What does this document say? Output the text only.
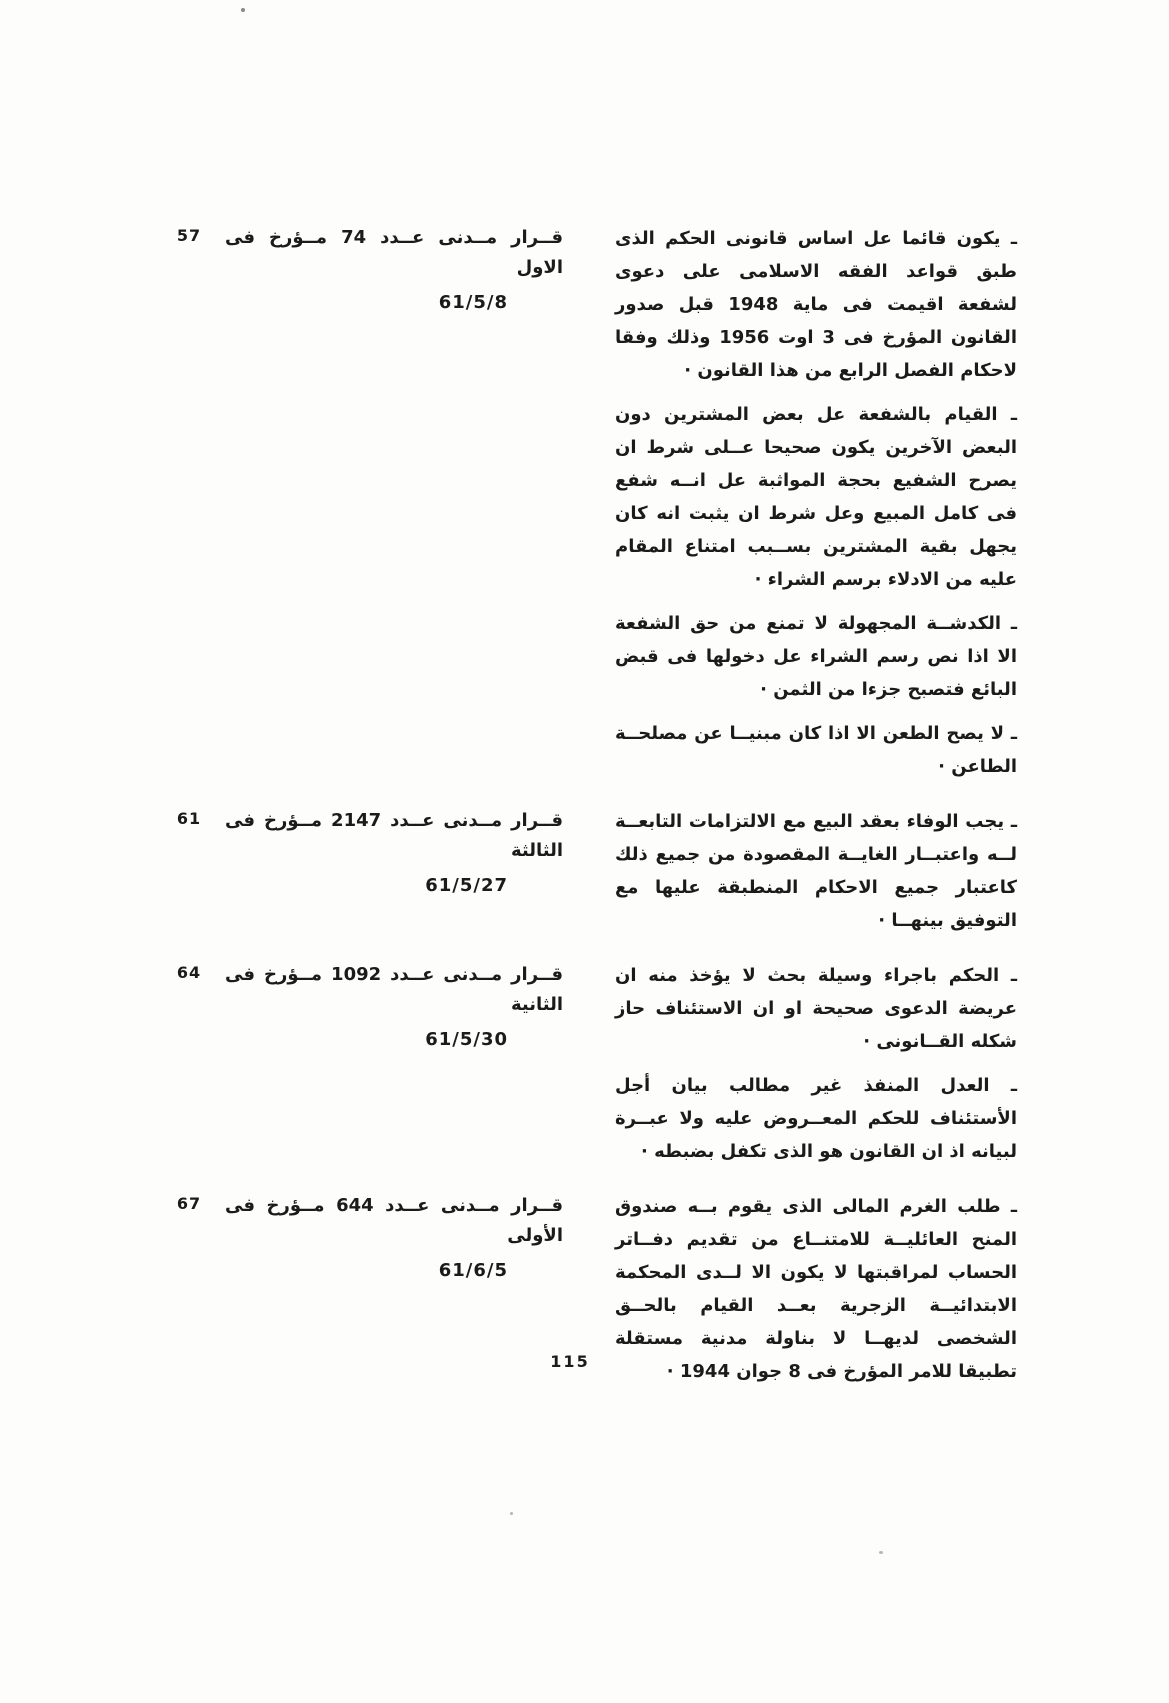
ـ يكون قائما عل اساس قانونى الحكم الذى طبق قواعد الفقه الاسلامى على دعوى لشفعة اقيمت فى ماية 1948 قبل صدور القانون المؤرخ فى 3 اوت 1956 وذلك وفقا لاحكام الفصل الرابع من هذا القانون ·

ـ القيام بالشفعة عل بعض المشترين دون البعض الآخرين يكون صحيحا عــلى شرط ان يصرح الشفيع بحجة المواثبة عل انــه شفع فى كامل المبيع وعل شرط ان يثبت انه كان يجهل بقية المشترين بســبب امتناع المقام عليه من الادلاء برسم الشراء ·

ـ الكدشــة المجهولة لا تمنع من حق الشفعة الا اذا نص رسم الشراء عل دخولها فى قبض البائع فتصبح جزءا من الثمن ·

ـ لا يصح الطعن الا اذا كان مبنيــا عن مصلحــة الطاعن ·

قــرار مــدنى عــدد 74 مــؤرخ فى الاول
61/5/8
57

ـ يجب الوفاء بعقد البيع مع الالتزامات التابعــة لــه واعتبــار الغايــة المقصودة من جميع ذلك كاعتبار جميع الاحكام المنطبقة عليها مع التوفيق بينهــا ·

قــرار مــدنى عــدد 2147 مــؤرخ فى الثالثة
61/5/27
61

ـ الحكم باجراء وسيلة بحث لا يؤخذ منه ان عريضة الدعوى صحيحة او ان الاستئناف حاز شكله القــانونى ·

ـ العدل المنفذ غير مطالب بيان أجل الأستئناف للحكم المعــروض عليه ولا عبــرة لبيانه اذ ان القانون هو الذى تكفل بضبطه ·

قــرار مــدنى عــدد 1092 مــؤرخ فى الثانية
61/5/30
64

ـ طلب الغرم المالى الذى يقوم بــه صندوق المنح العائليــة للامتنــاع من تقديم دفــاتر الحساب لمراقبتها لا يكون الا لــدى المحكمة الابتدائيــة الزجرية بعــد القيام بالحــق الشخصى لديهــا لا بناولة مدنية مستقلة تطبيقا للامر المؤرخ فى 8 جوان 1944 ·

قــرار مــدنى عــدد 644 مــؤرخ فى الأولى
61/6/5
67
115
